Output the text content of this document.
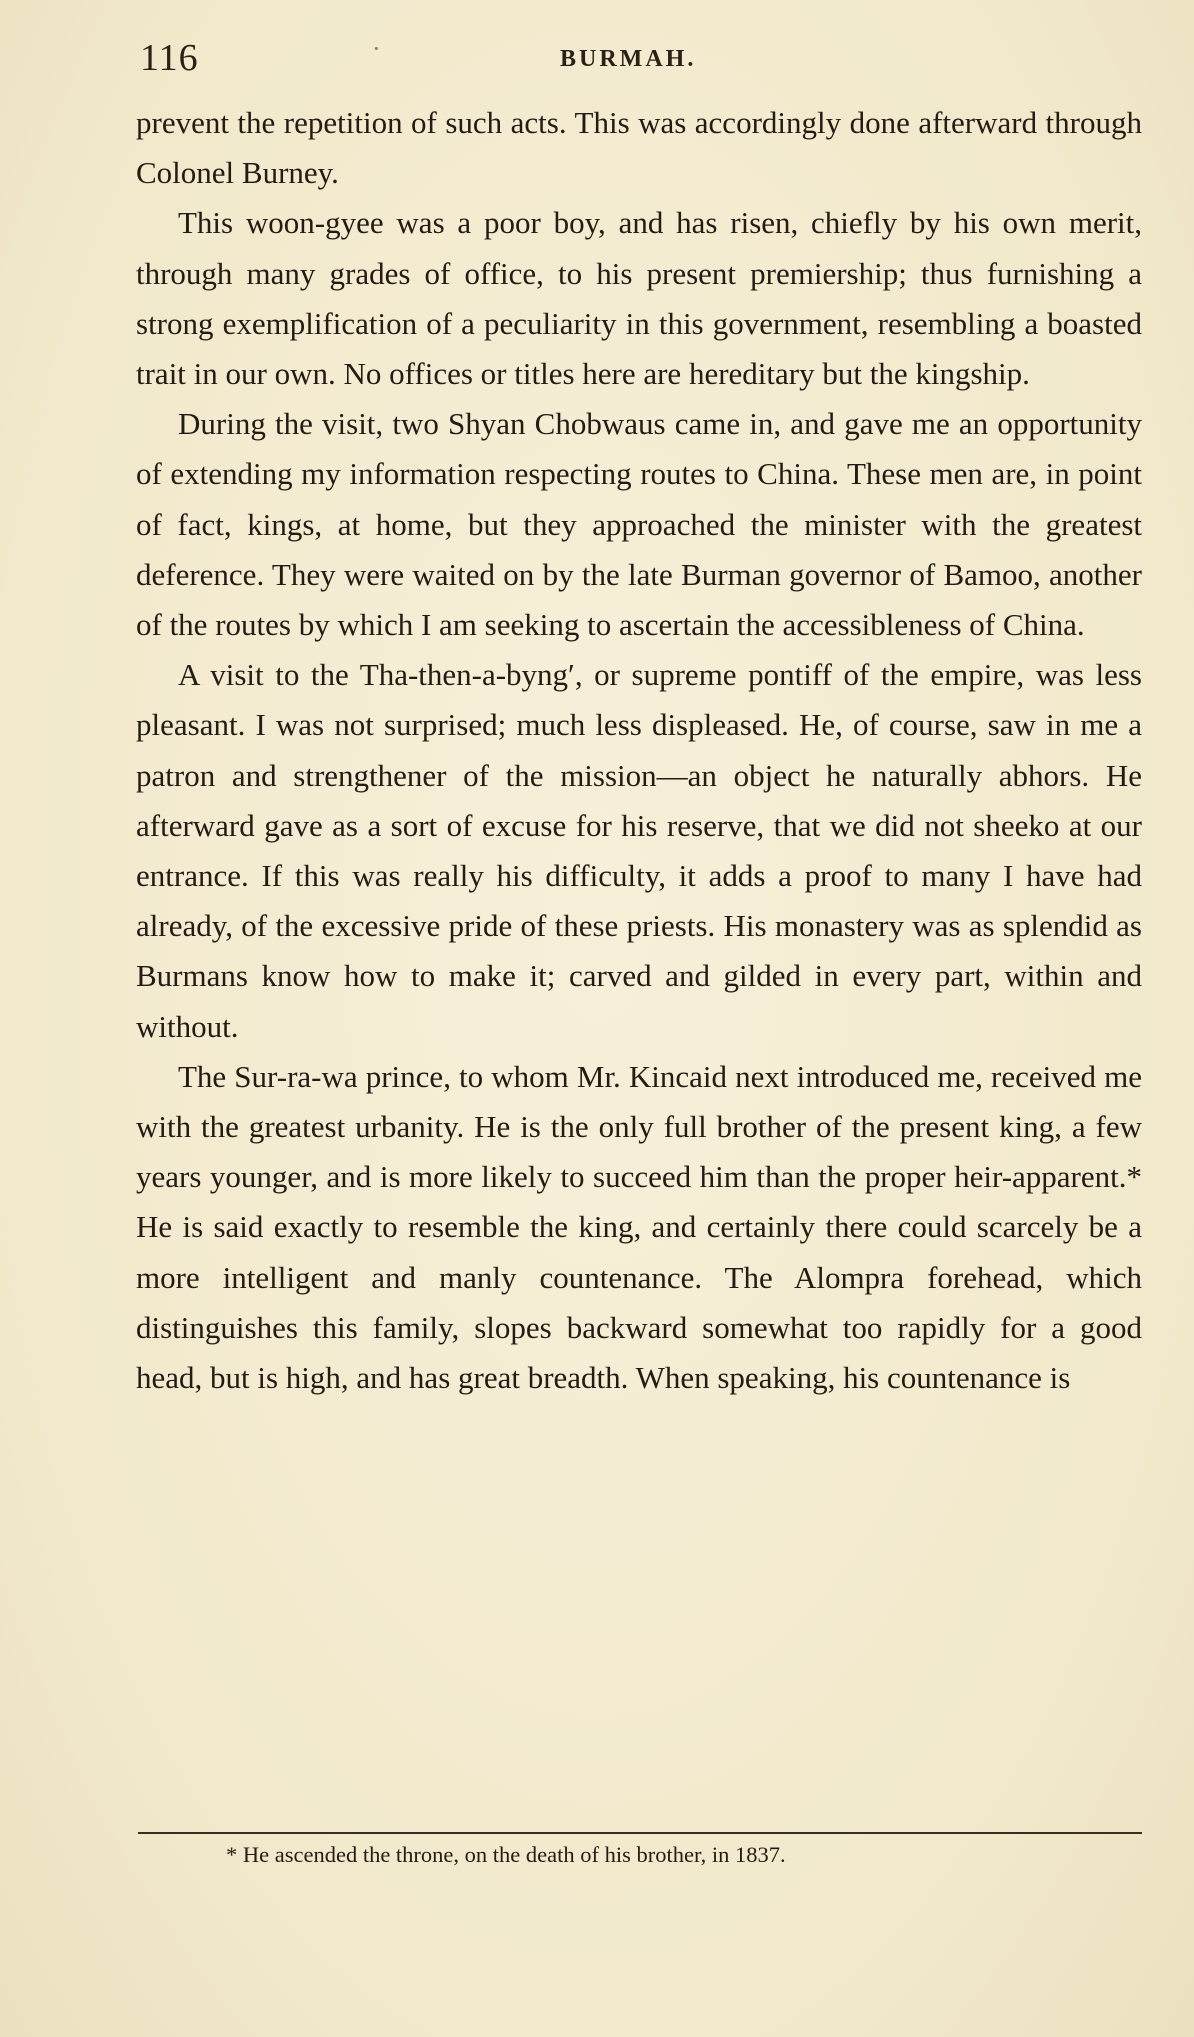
116	·	BURMAH.

prevent the repetition of such acts. This was accordingly done afterward through Colonel Burney.

This woon-gyee was a poor boy, and has risen, chiefly by his own merit, through many grades of office, to his present premiership; thus furnishing a strong exemplification of a peculiarity in this government, resembling a boasted trait in our own. No offices or titles here are hereditary but the kingship.

During the visit, two Shyan Chobwaus came in, and gave me an opportunity of extending my information respecting routes to China. These men are, in point of fact, kings, at home, but they approached the minister with the greatest deference. They were waited on by the late Burman governor of Bamoo, another of the routes by which I am seeking to ascertain the accessibleness of China.

A visit to the Tha-then-a-byng′, or supreme pontiff of the empire, was less pleasant. I was not surprised; much less displeased. He, of course, saw in me a patron and strengthener of the mission—an object he naturally abhors. He afterward gave as a sort of excuse for his reserve, that we did not sheeko at our entrance. If this was really his difficulty, it adds a proof to many I have had already, of the excessive pride of these priests. His monastery was as splendid as Burmans know how to make it; carved and gilded in every part, within and without.

The Sur-ra-wa prince, to whom Mr. Kincaid next introduced me, received me with the greatest urbanity. He is the only full brother of the present king, a few years younger, and is more likely to succeed him than the proper heir-apparent.* He is said exactly to resemble the king, and certainly there could scarcely be a more intelligent and manly countenance. The Alompra forehead, which distinguishes this family, slopes backward somewhat too rapidly for a good head, but is high, and has great breadth. When speaking, his countenance is

* He ascended the throne, on the death of his brother, in 1837.
